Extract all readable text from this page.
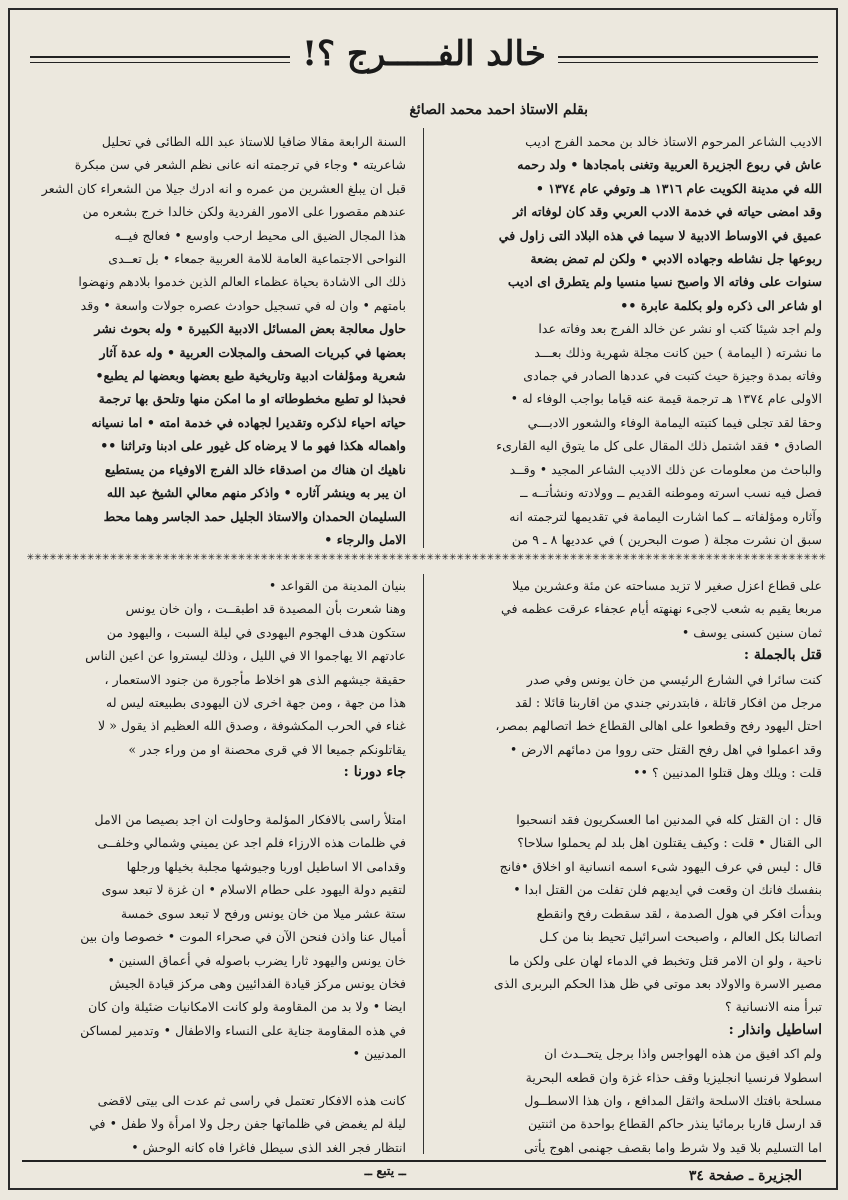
خالد الفـــــرج ؟!
بقلم الاستاذ احمد محمد الصائغ

الاديب الشاعر المرحوم الاستاذ خالد بن محمد الفرج اديب

عاش في ربوع الجزيرة العربية وتغنى بامجادها • ولد رحمه

الله في مدينة الكويت عام ١٣١٦ هـ وتوفي عام ١٣٧٤ •

وقد امضى حياته في خدمة الادب العربي وقد كان لوفاته اثر

عميق في الاوساط الادبية لا سيما في هذه البلاد التى زاول في

ربوعها جل نشاطه وجهاده الادبي • ولكن لم تمض بضعة

سنوات على وفاته الا واصبح نسيا منسيا ولم يتطرق اى اديب

او شاعر الى ذكره ولو بكلمة عابرة ••

ولم اجد شيئا كتب او نشر عن خالد الفرج بعد وفاته عدا

ما نشرته ( اليمامة ) حين كانت مجلة شهرية وذلك بعـــد

وفاته بمدة وجيزة حيث كتبت في عددها الصادر في جمادى

الاولى عام ١٣٧٤ هـ ترجمة قيمة عنه قياما بواجب الوفاء له •

وحقا لقد تجلى فيما كتبته اليمامة الوفاء والشعور الادبـــي

الصادق • فقد اشتمل ذلك المقال على كل ما يتوق اليه القارىء

والباحث من معلومات عن ذلك الاديب الشاعر المجيد • وقــد

فصل فيه نسب اسرته وموطنه القديم ــ وولادته ونشأتــه ــ

وآثاره ومؤلفاته ــ كما اشارت اليمامة في تقديمها لترجمته انه

سبق ان نشرت مجلة ( صوت البحرين ) في عدديها ٨ ـ ٩ من

السنة الرابعة مقالا ضافيا للاستاذ عبد الله الطائى في تحليل

شاعريته • وجاء في ترجمته انه عانى نظم الشعر في سن مبكرة

قبل ان يبلغ العشرين من عمره و انه ادرك جيلا من الشعراء كان الشعر

عندهم مقصورا على الامور الفردية ولكن خالدا خرج بشعره من

هذا المجال الضيق الى محيط ارحب واوسع • فعالج فيــه

النواحى الاجتماعية العامة للامة العربية جمعاء • بل تعــدى

ذلك الى الاشادة بحياة عظماء العالم الذين خدموا بلادهم ونهضوا

بامتهم • وان له في تسجيل حوادث عصره جولات واسعة • وقد

حاول معالجة بعض المسائل الادبية الكبيرة • وله بحوث نشر

بعضها في كبريات الصحف والمجلات العربية • وله عدة آثار

شعرية ومؤلفات ادبية وتاريخية طبع بعضها وبعضها لم يطبع•

فحبذا لو تطبع مخطوطاته او ما امكن منها وتلحق بها ترجمة

حياته احياء لذكره وتقديرا لجهاده في خدمة امته • اما نسيانه

واهماله هكذا فهو ما لا يرضاه كل غيور على ادبنا وتراثنا ••

ناهيك ان هناك من اصدقاء خالد الفرج الاوفياء من يستطيع

ان يبر به وينشر آثاره • واذكر منهم معالي الشيخ عبد الله

السليمان الحمدان والاستاذ الجليل حمد الجاسر وهما محط

الامل والرجاء •

✳✳✳✳✳✳✳✳✳✳✳✳✳✳✳✳✳✳✳✳✳✳✳✳✳✳✳✳✳✳✳✳✳✳✳✳✳✳✳✳✳✳✳✳✳✳✳✳✳✳✳✳✳✳✳✳✳✳✳✳✳✳✳✳✳✳✳✳✳✳✳✳✳✳✳✳✳✳✳✳✳✳✳✳✳✳✳✳✳✳✳✳✳✳✳✳✳✳✳✳✳✳✳✳✳✳

على قطاع اعزل صغير لا تزيد مساحته عن مئة وعشرين ميلا

مربعا يقيم به شعب لاجىء نهنهته أيام عجفاء عرقت عظمه في

ثمان سنين كسنى يوسف •

قتل بالجملة :

كنت سائرا في الشارع الرئيسي من خان يونس وفي صدر

مرجل من افكار قاتلة ، فابتدرني جندي من اقاربنا قائلا : لقد

احتل اليهود رفح وقطعوا على اهالى القطاع خط اتصالهم بمصر،

وقد اعملوا في اهل رفح القتل حتى رووا من دمائهم الارض •

قلت : ويلك وهل قتلوا المدنيين ؟ ••

قال : ان القتل كله في المدنين اما العسكريون فقد انسحبوا

الى القنال • قلت : وكيف يقتلون اهل بلد لم يحملوا سلاحا؟

قال : ليس في عرف اليهود شىء اسمه انسانية او اخلاق •فانج

بنفسك فانك ان وقعت في ايديهم فلن تفلت من القتل ابدا •

وبدأت افكر في هول الصدمة ، لقد سقطت رفح وانقطع

اتصالنا بكل العالم ، واصبحت اسرائيل تحيط بنا من كـل

ناحية ، ولو ان الامر قتل وتخبط في الدماء لهان على ولكن ما

مصير الاسرة والاولاد بعد موتى في ظل هذا الحكم البربرى الذى

تبرأ منه الانسانية ؟

اساطيل وانذار :

ولم اكد افيق من هذه الهواجس واذا برجل يتحــدث ان

اسطولا فرنسيا انجليزيا وقف حذاء غزة وان قطعه البحرية

مسلحة بافتك الاسلحة واثقل المدافع ، وان هذا الاسطــول

قد ارسل قاربا برمائيا ينذر حاكم القطاع بواحدة من اثنتين

اما التسليم بلا قيد ولا شرط واما بقصف جهنمى اهوج يأتى

بنيان المدينة من القواعد •

وهنا شعرت بأن المصيدة قد اطبقــت ، وان خان يونس

ستكون هدف الهجوم اليهودى في ليلة السبت ، واليهود من

عادتهم الا يهاجموا الا في الليل ، وذلك ليستروا عن اعين الناس

حقيقة جيشهم الذى هو اخلاط مأجورة من جنود الاستعمار ،

هذا من جهة ، ومن جهة اخرى لان اليهودى بطبيعته ليس له

غناء في الحرب المكشوفة ، وصدق الله العظيم اذ يقول « لا

يقاتلونكم جميعا الا في قرى محصنة او من وراء جدر »

جاء دورنا :

امتلأ راسى بالافكار المؤلمة وحاولت ان اجد بصيصا من الامل

في ظلمات هذه الارزاء فلم اجد عن يميني وشمالي وخلفــى

وقدامى الا اساطيل اوربا وجيوشها مجلبة بخيلها ورجلها

لتقيم دولة اليهود على حطام الاسلام • ان غزة لا تبعد سوى

ستة عشر ميلا من خان يونس ورفح لا تبعد سوى خمسة

أميال عنا واذن فنحن الآن في صحراء الموت • خصوصا وان بين

خان يونس واليهود ثارا يضرب باصوله في أعماق السنين •

فخان يونس مركز قيادة الفدائيين وهى مركز قيادة الجيش

ايضا • ولا بد من المقاومة ولو كانت الامكانيات ضئيلة وان كان

في هذه المقاومة جناية على النساء والاطفال • وتدمير لمساكن

المدنيين •

كانت هذه الافكار تعتمل في راسى ثم عدت الى بيتى لاقضى

ليلة لم يغمض في ظلماتها جفن رجل ولا امرأة ولا طفل • في

انتظار فجر الغد الذى سيطل فاغرا فاه كانه الوحش •

ــ يتبع ــ	الجزيرة ـ صفحة ٣٤
